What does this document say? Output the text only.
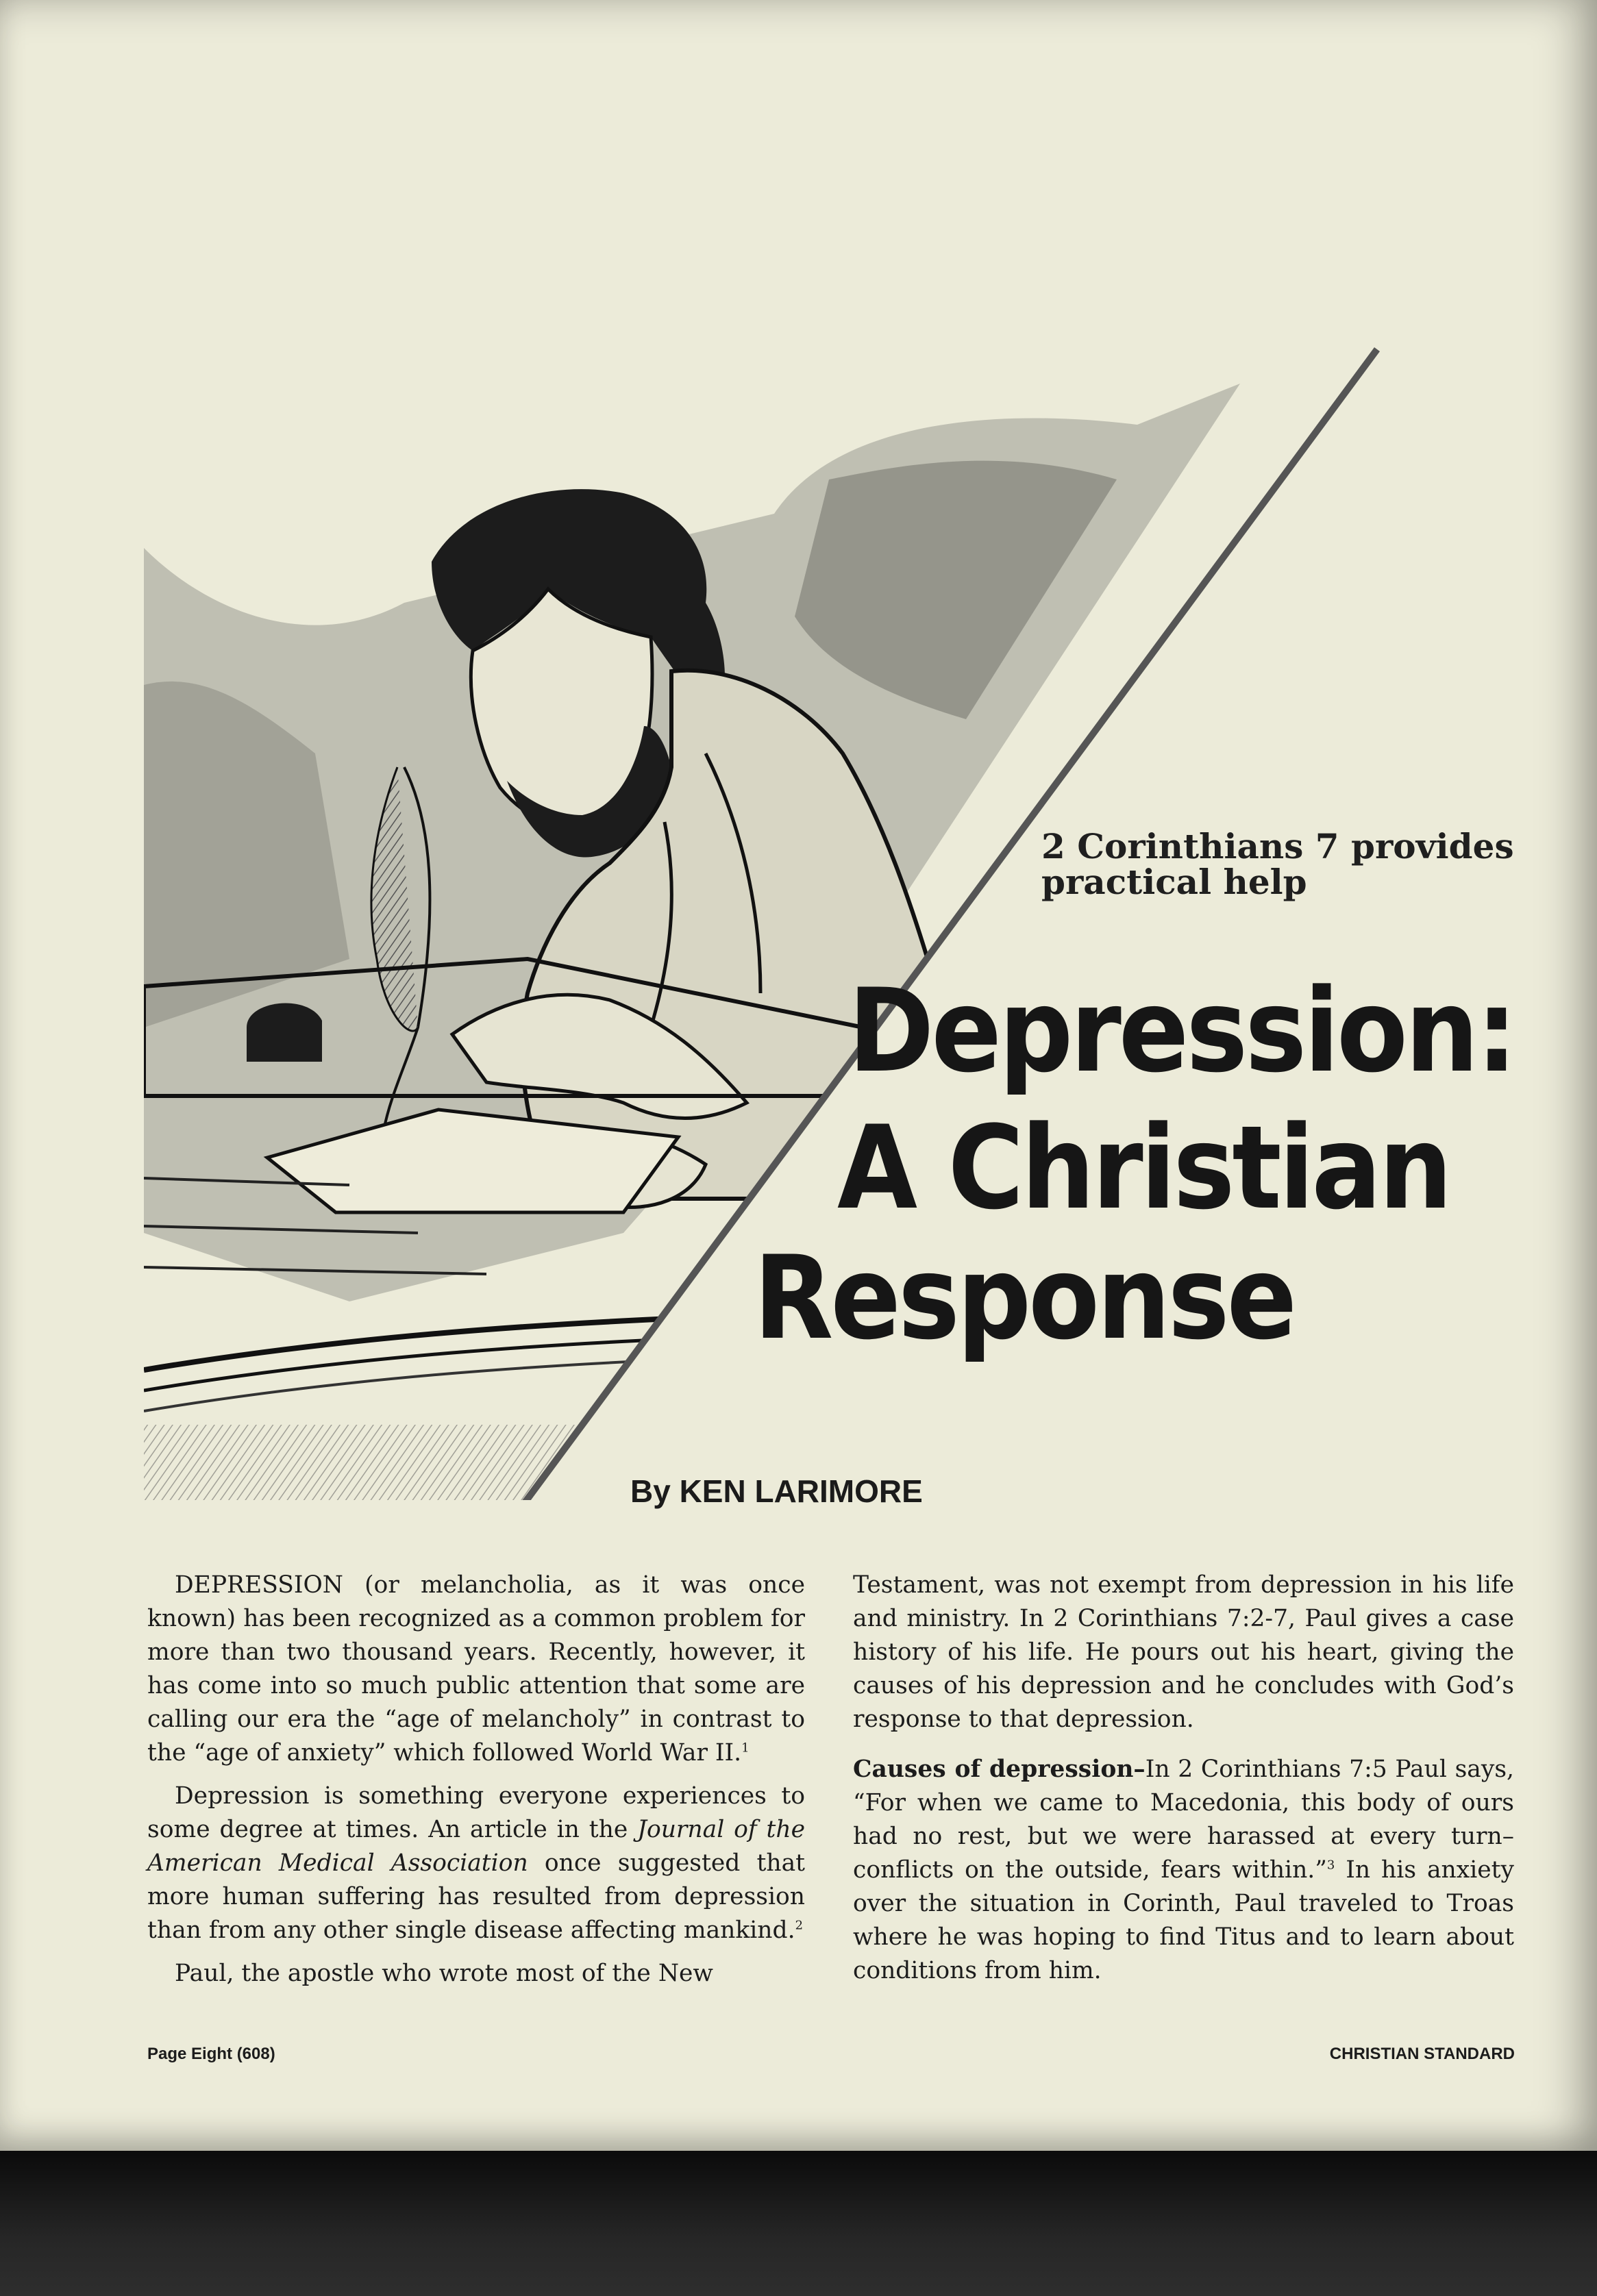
2 Corinthians 7 provides practical help
Depression:
A Christian
Response
By KEN LARIMORE

DEPRESSION (or melancholia, as it was once known) has been recognized as a common problem for more than two thousand years. Recently, however, it has come into so much public attention that some are calling our era the “age of melancholy” in contrast to the “age of anxiety” which followed World War II.$^1$

Depression is something everyone experiences to some degree at times. An article in the Journal of the American Medical Association once suggested that more human suffering has resulted from depression than from any other single disease affecting mankind.$^2$

Paul, the apostle who wrote most of the New

Testament, was not exempt from depression in his life and ministry. In 2 Corinthians 7:2-7, Paul gives a case history of his life. He pours out his heart, giving the causes of his depression and he concludes with God’s response to that depression.

Causes of depression–In 2 Corinthians 7:5 Paul says, “For when we came to Macedonia, this body of ours had no rest, but we were harassed at every turn–conflicts on the outside, fears within.”$^3$ In his anxiety over the situation in Corinth, Paul traveled to Troas where he was hoping to find Titus and to learn about conditions from him.

Page Eight (608)	CHRISTIAN STANDARD
